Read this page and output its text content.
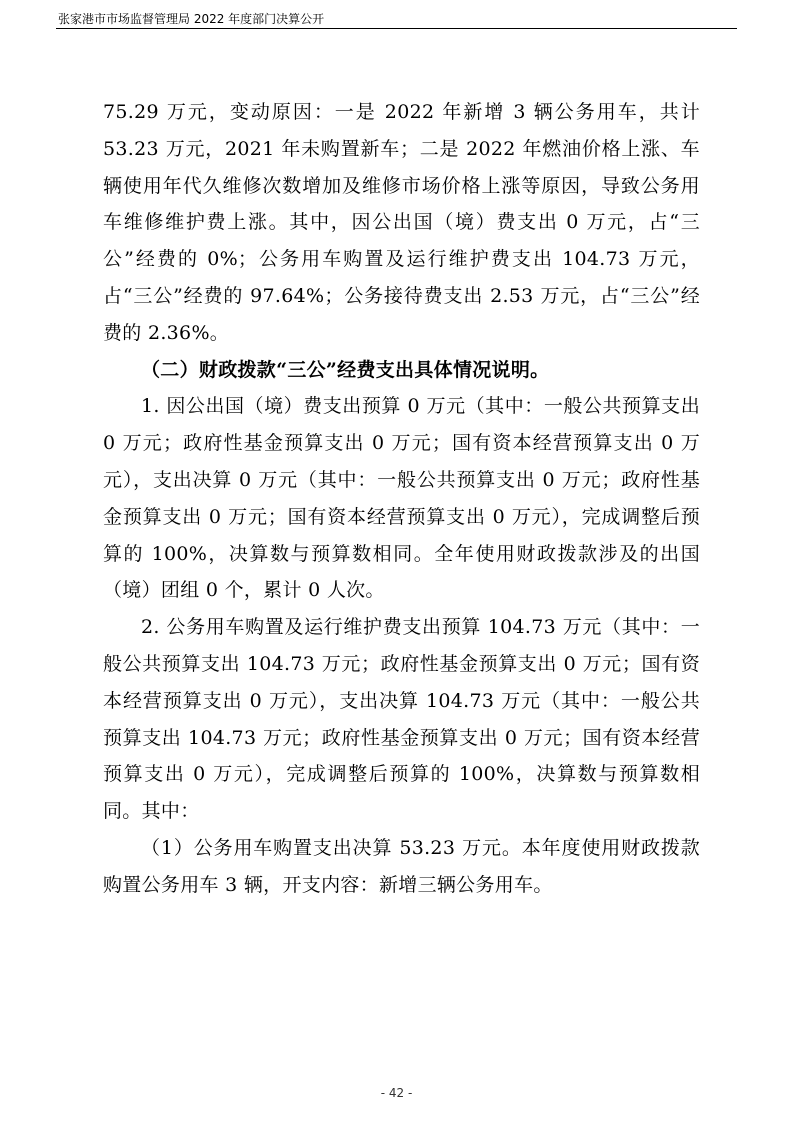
张家港市市场监督管理局 2022 年度部门决算公开

75.29 万元，变动原因：一是 2022 年新增 3 辆公务用车，共计 53.23 万元，2021 年未购置新车；二是 2022 年燃油价格上涨、车辆使用年代久维修次数增加及维修市场价格上涨等原因，导致公务用车维修维护费上涨。其中，因公出国（境）费支出 0 万元，占“三公”经费的 0%；公务用车购置及运行维护费支出 104.73 万元，占“三公”经费的 97.64%；公务接待费支出 2.53 万元，占“三公”经费的 2.36%。

（二）财政拨款“三公”经费支出具体情况说明。

1. 因公出国（境）费支出预算 0 万元（其中：一般公共预算支出 0 万元；政府性基金预算支出 0 万元；国有资本经营预算支出 0 万元），支出决算 0 万元（其中：一般公共预算支出 0 万元；政府性基金预算支出 0 万元；国有资本经营预算支出 0 万元），完成调整后预算的 100%，决算数与预算数相同。全年使用财政拨款涉及的出国（境）团组 0 个，累计 0 人次。

2. 公务用车购置及运行维护费支出预算 104.73 万元（其中：一般公共预算支出 104.73 万元；政府性基金预算支出 0 万元；国有资本经营预算支出 0 万元），支出决算 104.73 万元（其中：一般公共预算支出 104.73 万元；政府性基金预算支出 0 万元；国有资本经营预算支出 0 万元），完成调整后预算的 100%，决算数与预算数相同。其中：

（1）公务用车购置支出决算 53.23 万元。本年度使用财政拨款购置公务用车 3 辆，开支内容：新增三辆公务用车。

- 42 -
